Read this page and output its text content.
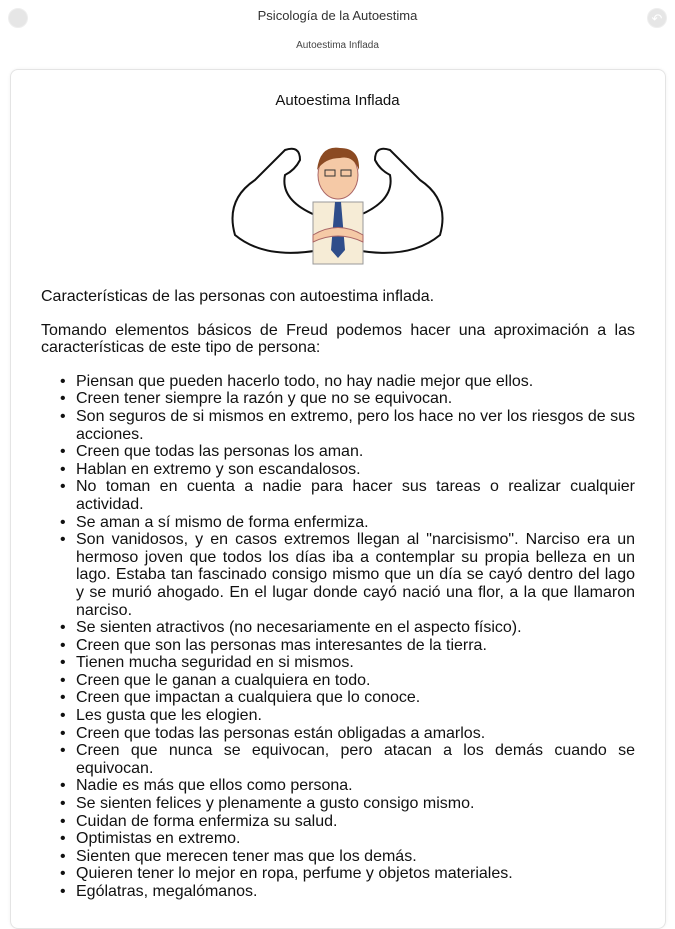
Psicología de la Autoestima
Autoestima Inflada
↶
Autoestima Inflada

Características de las personas con autoestima inflada.

Tomando elementos básicos de Freud podemos hacer una aproximación a las características de este tipo de persona:

• Piensan que pueden hacerlo todo, no hay nadie mejor que ellos.
• Creen tener siempre la razón y que no se equivocan.
• Son seguros de si mismos en extremo, pero los hace no ver los riesgos de sus acciones.
• Creen que todas las personas los aman.
• Hablan en extremo y son escandalosos.
• No toman en cuenta a nadie para hacer sus tareas o realizar cualquier actividad.
• Se aman a sí mismo de forma enfermiza.
• Son vanidosos, y en casos extremos llegan al "narcisismo". Narciso era un hermoso joven que todos los días iba a contemplar su propia belleza en un lago. Estaba tan fascinado consigo mismo que un día se cayó dentro del lago y se murió ahogado. En el lugar donde cayó nació una flor, a la que llamaron narciso.
• Se sienten atractivos (no necesariamente en el aspecto físico).
• Creen que son las personas mas interesantes de la tierra.
• Tienen mucha seguridad en si mismos.
• Creen que le ganan a cualquiera en todo.
• Creen que impactan a cualquiera que lo conoce.
• Les gusta que les elogien.
• Creen que todas las personas están obligadas a amarlos.
• Creen que nunca se equivocan, pero atacan a los demás cuando se equivocan.
• Nadie es más que ellos como persona.
• Se sienten felices y plenamente a gusto consigo mismo.
• Cuidan de forma enfermiza su salud.
• Optimistas en extremo.
• Sienten que merecen tener mas que los demás.
• Quieren tener lo mejor en ropa, perfume y objetos materiales.
• Ególatras, megalómanos.
